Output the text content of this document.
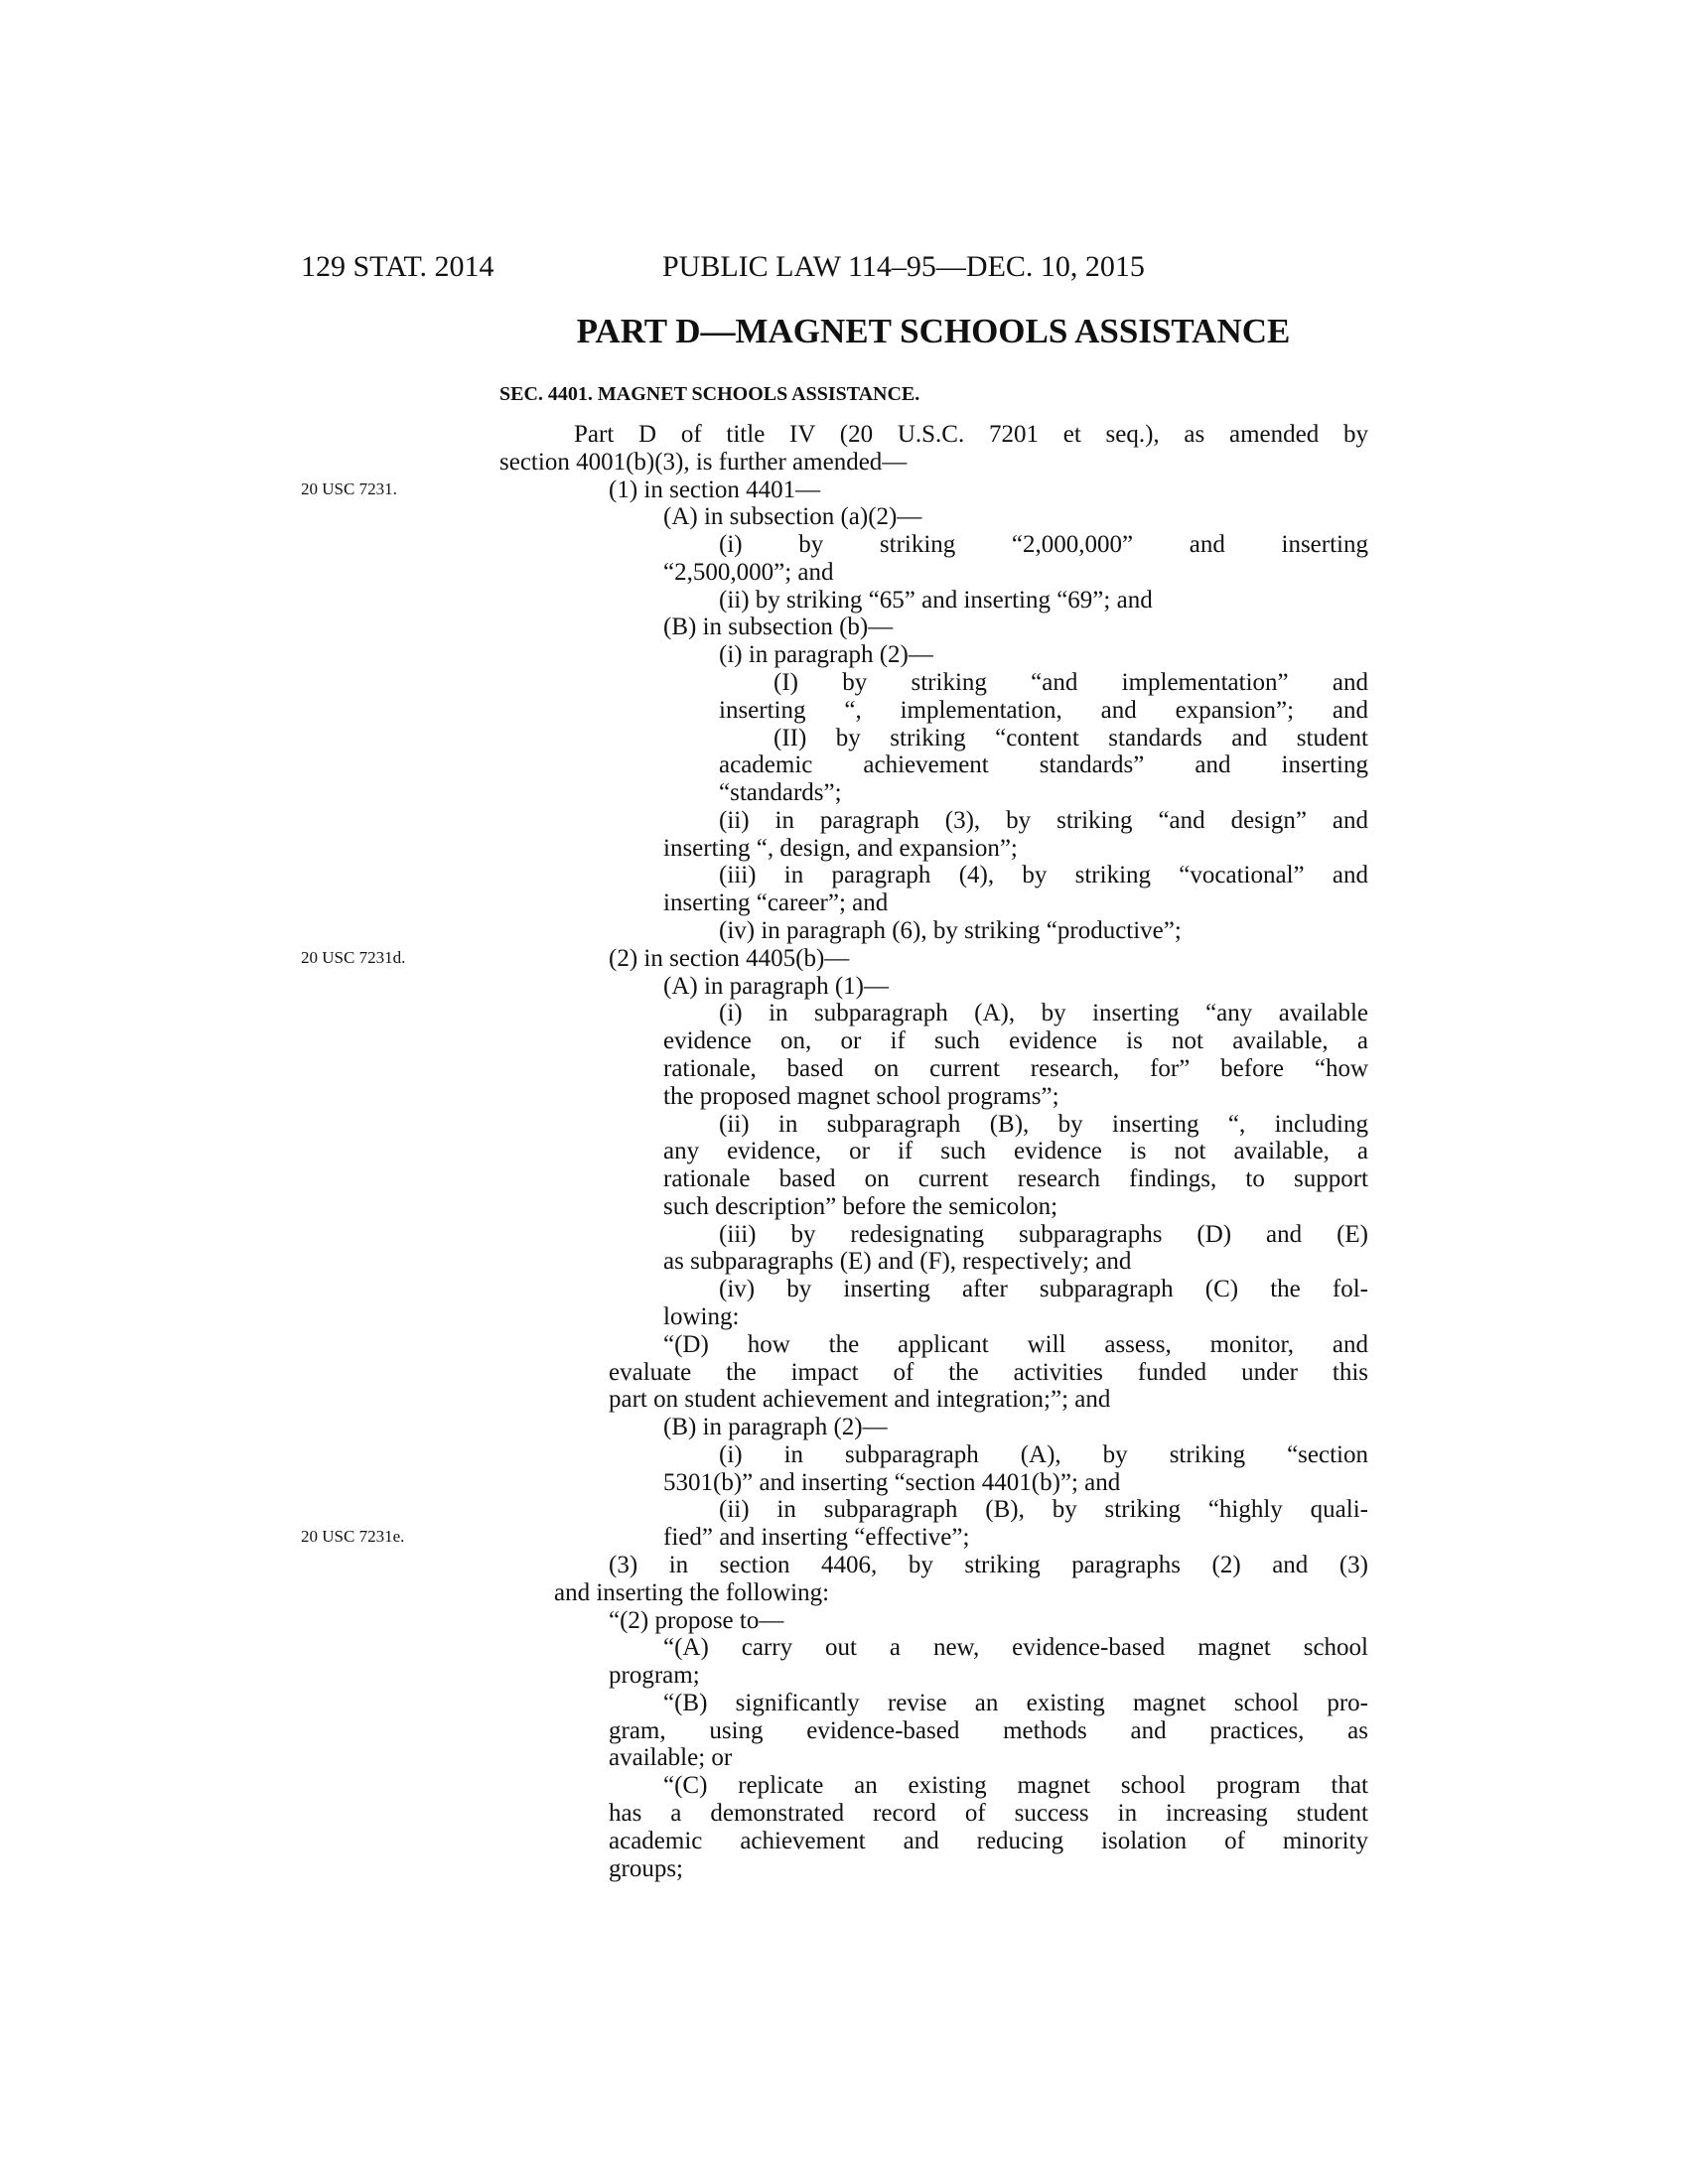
129 STAT. 2014	PUBLIC LAW 114–95—DEC. 10, 2015
PART D—MAGNET SCHOOLS ASSISTANCE
SEC. 4401. MAGNET SCHOOLS ASSISTANCE.
20 USC 7231.
20 USC 7231d.
20 USC 7231e.
Part D of title IV (20 U.S.C. 7201 et seq.), as amended by
section 4001(b)(3), is further amended—
(1) in section 4401—
(A) in subsection (a)(2)—
(i) by striking “2,000,000” and inserting
“2,500,000”; and
(ii) by striking “65” and inserting “69”; and
(B) in subsection (b)—
(i) in paragraph (2)—
(I) by striking “and implementation” and
inserting “, implementation, and expansion”; and
(II) by striking “content standards and student
academic achievement standards” and inserting
“standards”;
(ii) in paragraph (3), by striking “and design” and
inserting “, design, and expansion”;
(iii) in paragraph (4), by striking “vocational” and
inserting “career”; and
(iv) in paragraph (6), by striking “productive”;
(2) in section 4405(b)—
(A) in paragraph (1)—
(i) in subparagraph (A), by inserting “any available
evidence on, or if such evidence is not available, a
rationale, based on current research, for” before “how
the proposed magnet school programs”;
(ii) in subparagraph (B), by inserting “, including
any evidence, or if such evidence is not available, a
rationale based on current research findings, to support
such description” before the semicolon;
(iii) by redesignating subparagraphs (D) and (E)
as subparagraphs (E) and (F), respectively; and
(iv) by inserting after subparagraph (C) the fol-
lowing:
“(D) how the applicant will assess, monitor, and
evaluate the impact of the activities funded under this
part on student achievement and integration;”; and
(B) in paragraph (2)—
(i) in subparagraph (A), by striking “section
5301(b)” and inserting “section 4401(b)”; and
(ii) in subparagraph (B), by striking “highly quali-
fied” and inserting “effective”;
(3) in section 4406, by striking paragraphs (2) and (3)
and inserting the following:
“(2) propose to—
“(A) carry out a new, evidence-based magnet school
program;
“(B) significantly revise an existing magnet school pro-
gram, using evidence-based methods and practices, as
available; or
“(C) replicate an existing magnet school program that
has a demonstrated record of success in increasing student
academic achievement and reducing isolation of minority
groups;
